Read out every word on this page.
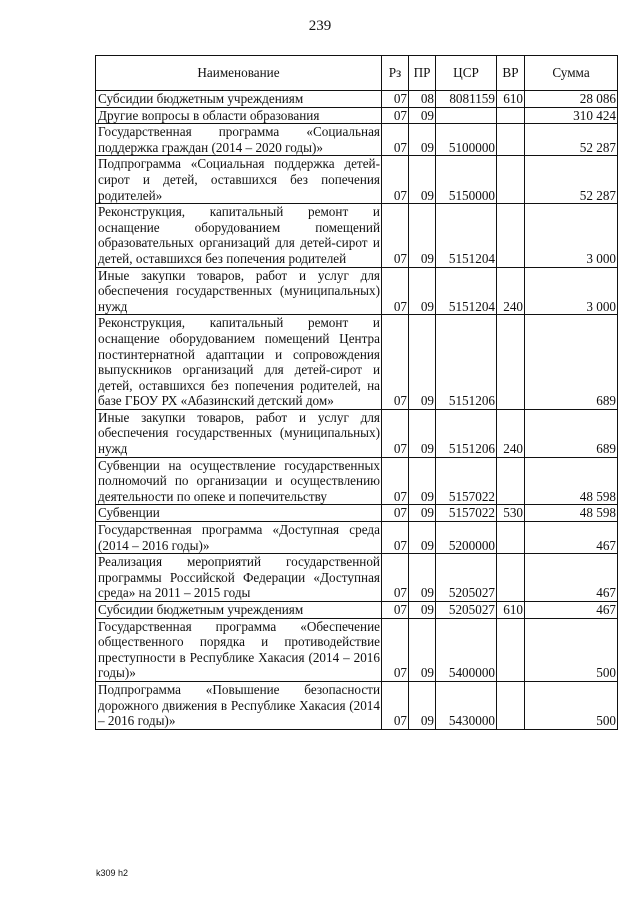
239
Наименование	Рз	ПР	ЦСР	ВР	Сумма
Субсидии бюджетным учреждениям	07	08	8081159	610	28 086
Другие вопросы в области образования	07	09			310 424
Государственная программа «Социальная поддержка граждан (2014 – 2020 годы)»	07	09	5100000		52 287
Подпрограмма «Социальная поддержка детей-сирот и детей, оставшихся без попечения родителей»	07	09	5150000		52 287
Реконструкция, капитальный ремонт и оснащение оборудованием помещений образовательных организаций для детей-сирот и детей, оставшихся без попечения родителей	07	09	5151204		3 000
Иные закупки товаров, работ и услуг для обеспечения государственных (муниципальных) нужд	07	09	5151204	240	3 000
Реконструкция, капитальный ремонт и оснащение оборудованием помещений Центра постинтернатной адаптации и сопровождения выпускников организаций для детей-сирот и детей, оставшихся без попечения родителей, на базе ГБОУ РХ «Абазинский детский дом»	07	09	5151206		689
Иные закупки товаров, работ и услуг для обеспечения государственных (муниципальных) нужд	07	09	5151206	240	689
Субвенции на осуществление государственных полномочий по организации и осуществлению деятельности по опеке и попечительству	07	09	5157022		48 598
Субвенции	07	09	5157022	530	48 598
Государственная программа «Доступная среда (2014 – 2016 годы)»	07	09	5200000		467
Реализация мероприятий государственной программы Российской Федерации «Доступная среда» на 2011 – 2015 годы	07	09	5205027		467
Субсидии бюджетным учреждениям	07	09	5205027	610	467
Государственная программа «Обеспечение общественного порядка и противодействие преступности в Республике Хакасия (2014 – 2016 годы)»	07	09	5400000		500
Подпрограмма «Повышение безопасности дорожного движения в Республике Хакасия (2014 – 2016 годы)»	07	09	5430000		500
k309 h2
